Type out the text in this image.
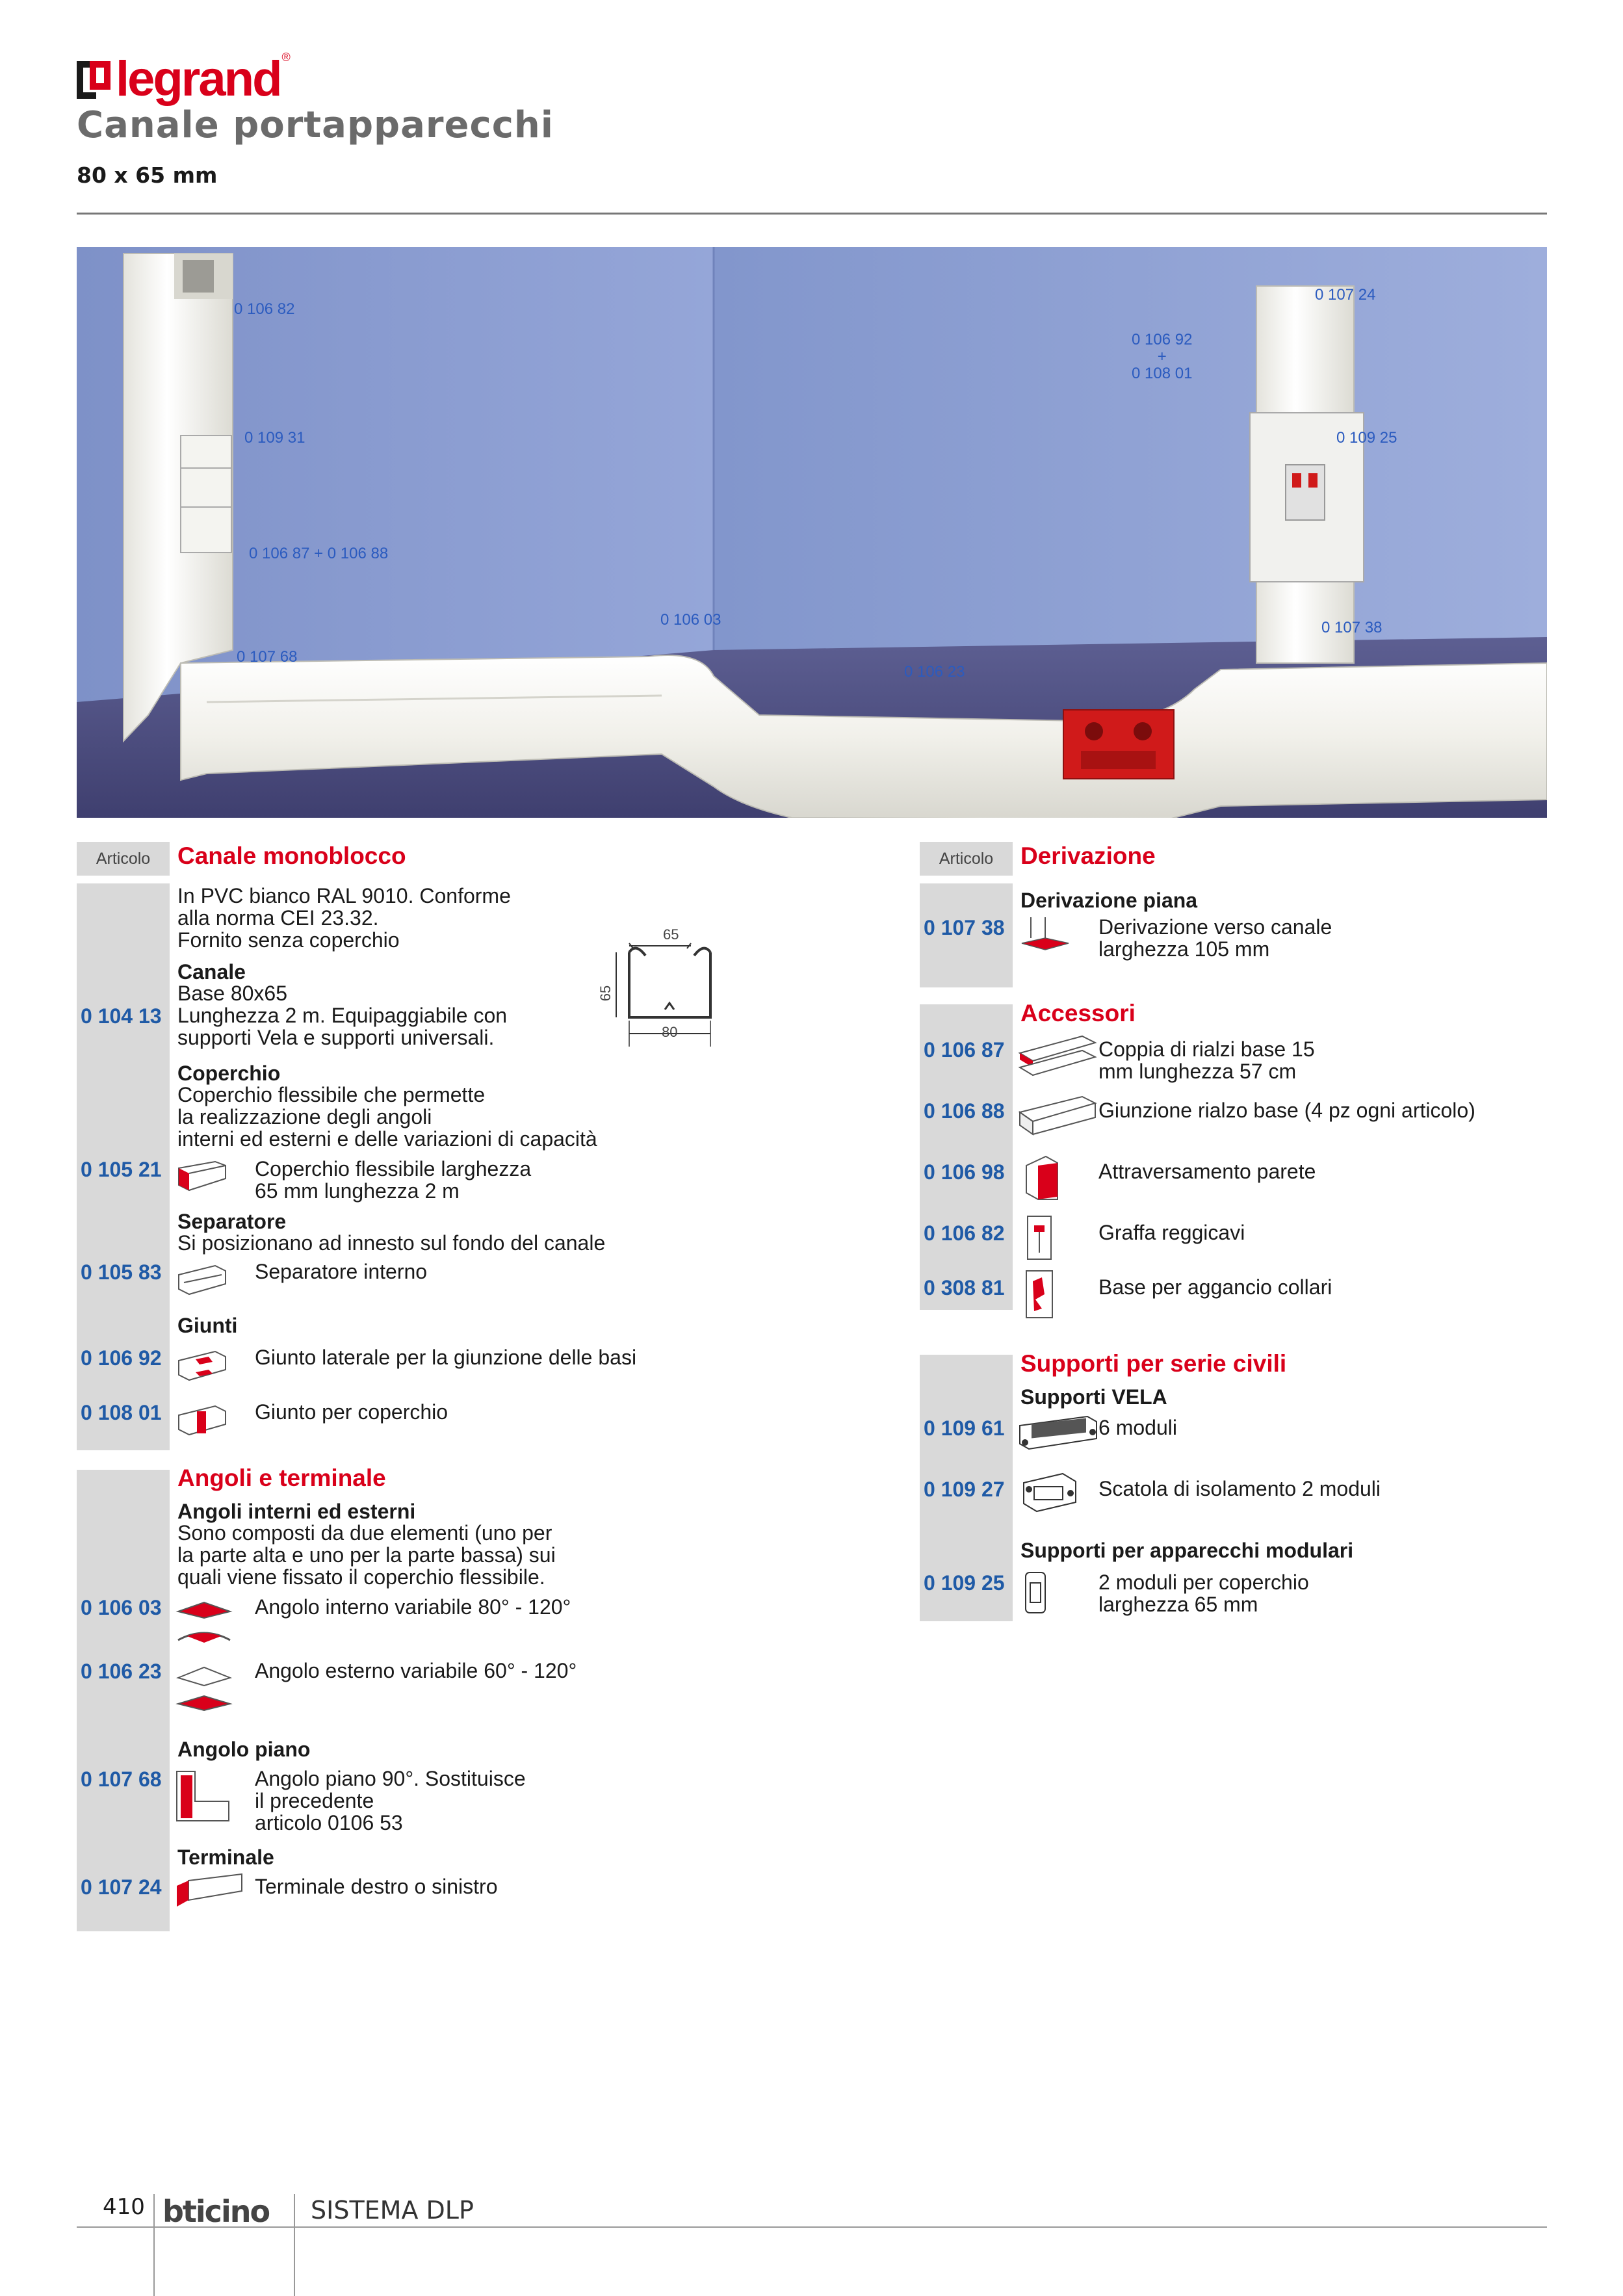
legrand ®
Canale portapparecchi
80 x 65 mm
0 106 82
0 109 31
0 106 87 + 0 106 88
0 107 68
0 106 03
0 106 23
0 107 24
0 109 25
0 107 38
0 106 92
+
0 108 01
Articolo	Canale monoblocco
In PVC bianco RAL 9010. Conforme
alla norma CEI 23.32.
Fornito senza coperchio	65
65
80
Canale
Base 80x65
0 104 13 Lunghezza 2 m. Equipaggiabile con
supporti Vela e supporti universali.
Coperchio
Coperchio flessibile che permette
la realizzazione degli angoli
interni ed esterni e delle variazioni di capacità
0 105 21	Coperchio flessibile larghezza
65 mm lunghezza 2 m
Separatore
Si posizionano ad innesto sul fondo del canale
0 105 83	Separatore interno
Giunti
0 106 92	Giunto laterale per la giunzione delle basi
0 108 01	Giunto per coperchio
Angoli e terminale
Angoli interni ed esterni
Sono composti da due elementi (uno per
la parte alta e uno per la parte bassa) sui
quali viene fissato il coperchio flessibile.
0 106 03	Angolo interno variabile 80° - 120°
0 106 23	Angolo esterno variabile 60° - 120°
Angolo piano
0 107 68	Angolo piano 90°. Sostituisce
il precedente
articolo 0106 53
Terminale
0 107 24	Terminale destro o sinistro
Articolo	Derivazione
Derivazione piana
0 107 38	Derivazione verso canale
larghezza 105 mm
Accessori
0 106 87	Coppia di rialzi base 15
mm lunghezza 57 cm
0 106 88	Giunzione rialzo base (4 pz ogni articolo)
0 106 98	Attraversamento parete
0 106 82	Graffa reggicavi
0 308 81	Base per aggancio collari
Supporti per serie civili
Supporti VELA
0 109 61	6 moduli
0 109 27	Scatola di isolamento 2 moduli
Supporti per apparecchi modulari
0 109 25	2 moduli per coperchio
larghezza 65 mm
410 bticino SISTEMA DLP
